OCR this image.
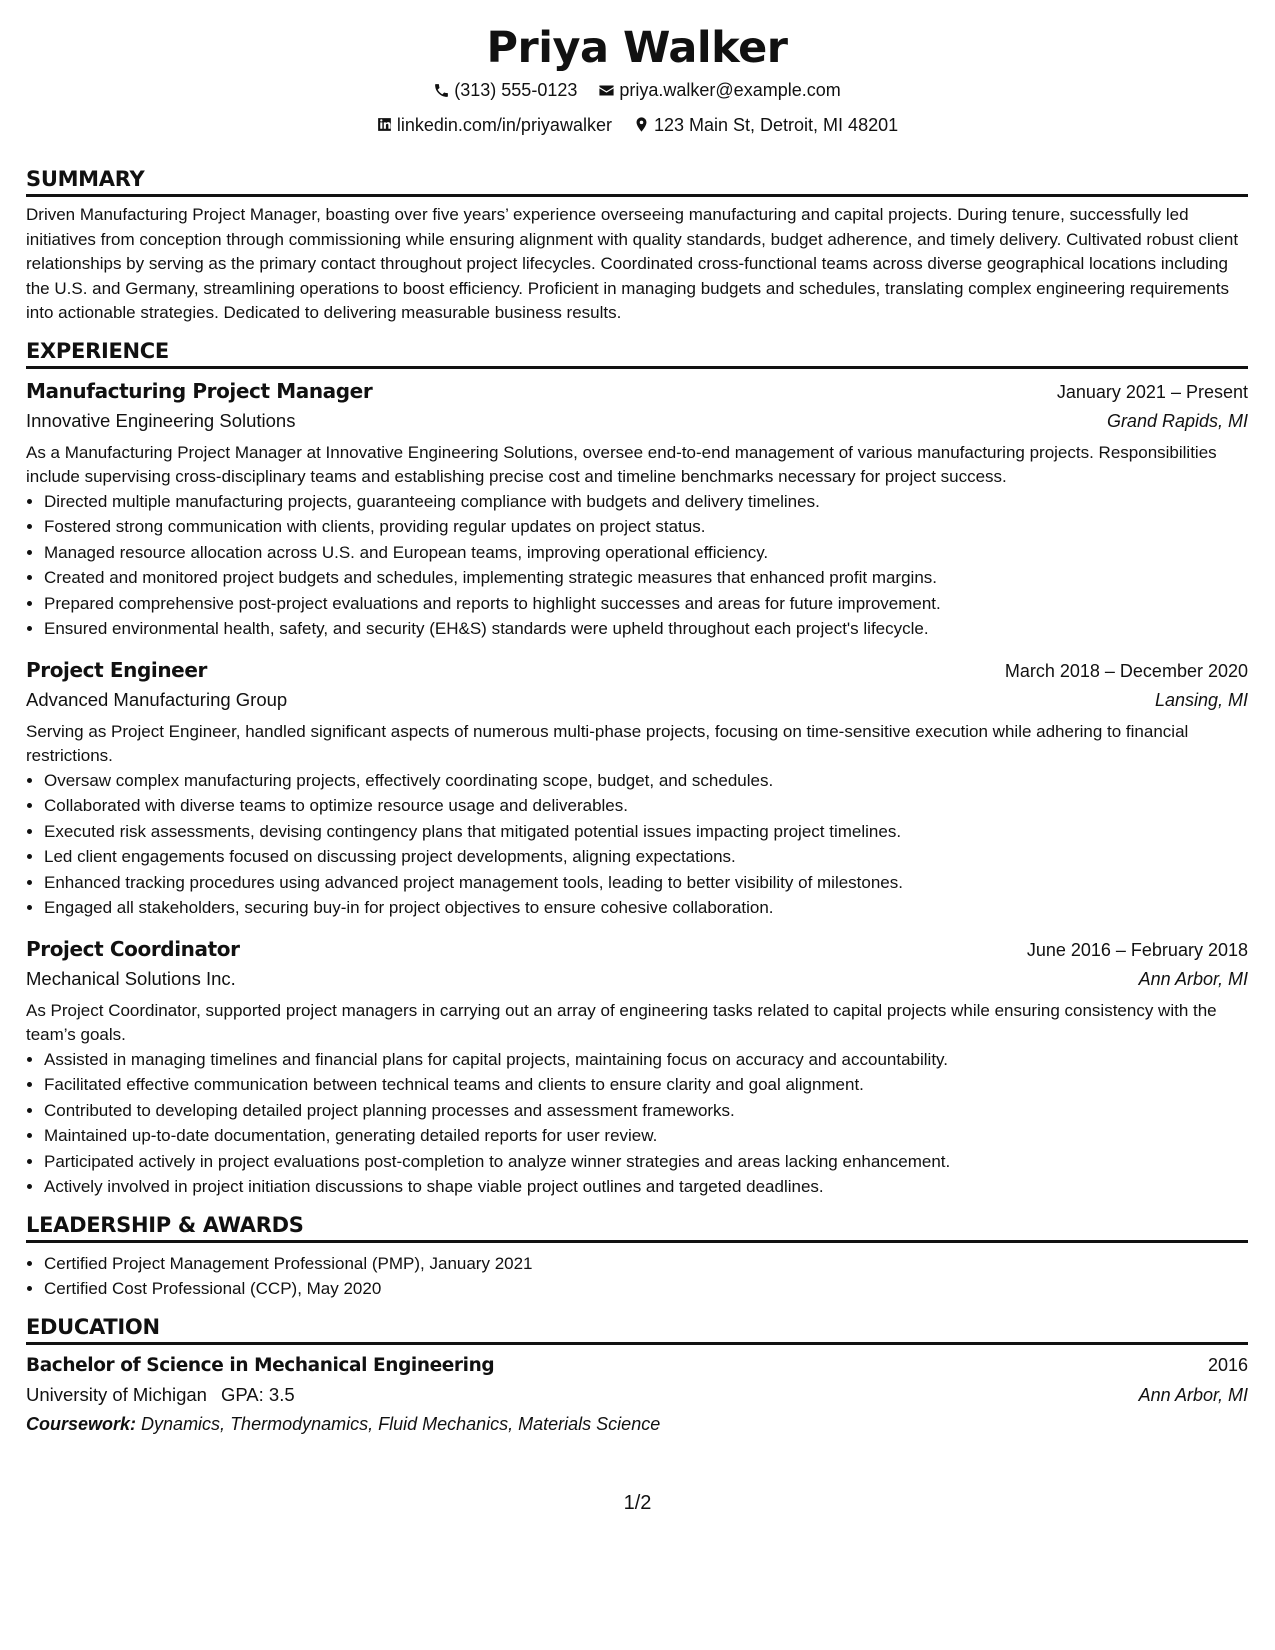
Priya Walker
(313) 555-0123
priya.walker@example.com
linkedin.com/in/priyawalker
123 Main St, Detroit, MI 48201
SUMMARY
Driven Manufacturing Project Manager, boasting over five years’ experience overseeing manufacturing and capital projects. During tenure, successfully led initiatives from conception through commissioning while ensuring alignment with quality standards, budget adherence, and timely delivery. Cultivated robust client relationships by serving as the primary contact throughout project lifecycles. Coordinated cross-functional teams across diverse geographical locations including the U.S. and Germany, streamlining operations to boost efficiency. Proficient in managing budgets and schedules, translating complex engineering requirements into actionable strategies. Dedicated to delivering measurable business results.
EXPERIENCE
Manufacturing Project Manager	January 2021 – Present
Innovative Engineering Solutions	Grand Rapids, MI
As a Manufacturing Project Manager at Innovative Engineering Solutions, oversee end-to-end management of various manufacturing projects. Responsibilities include supervising cross-disciplinary teams and establishing precise cost and timeline benchmarks necessary for project success.
• Directed multiple manufacturing projects, guaranteeing compliance with budgets and delivery timelines.
• Fostered strong communication with clients, providing regular updates on project status.
• Managed resource allocation across U.S. and European teams, improving operational efficiency.
• Created and monitored project budgets and schedules, implementing strategic measures that enhanced profit margins.
• Prepared comprehensive post-project evaluations and reports to highlight successes and areas for future improvement.
• Ensured environmental health, safety, and security (EH&S) standards were upheld throughout each project's lifecycle.
Project Engineer	March 2018 – December 2020
Advanced Manufacturing Group	Lansing, MI
Serving as Project Engineer, handled significant aspects of numerous multi-phase projects, focusing on time-sensitive execution while adhering to financial restrictions.
• Oversaw complex manufacturing projects, effectively coordinating scope, budget, and schedules.
• Collaborated with diverse teams to optimize resource usage and deliverables.
• Executed risk assessments, devising contingency plans that mitigated potential issues impacting project timelines.
• Led client engagements focused on discussing project developments, aligning expectations.
• Enhanced tracking procedures using advanced project management tools, leading to better visibility of milestones.
• Engaged all stakeholders, securing buy-in for project objectives to ensure cohesive collaboration.
Project Coordinator	June 2016 – February 2018
Mechanical Solutions Inc.	Ann Arbor, MI
As Project Coordinator, supported project managers in carrying out an array of engineering tasks related to capital projects while ensuring consistency with the team’s goals.
• Assisted in managing timelines and financial plans for capital projects, maintaining focus on accuracy and accountability.
• Facilitated effective communication between technical teams and clients to ensure clarity and goal alignment.
• Contributed to developing detailed project planning processes and assessment frameworks.
• Maintained up-to-date documentation, generating detailed reports for user review.
• Participated actively in project evaluations post-completion to analyze winner strategies and areas lacking enhancement.
• Actively involved in project initiation discussions to shape viable project outlines and targeted deadlines.
LEADERSHIP & AWARDS
• Certified Project Management Professional (PMP), January 2021
• Certified Cost Professional (CCP), May 2020
EDUCATION
Bachelor of Science in Mechanical Engineering	2016
University of Michigan GPA: 3.5	Ann Arbor, MI
Coursework: Dynamics, Thermodynamics, Fluid Mechanics, Materials Science
1/2
